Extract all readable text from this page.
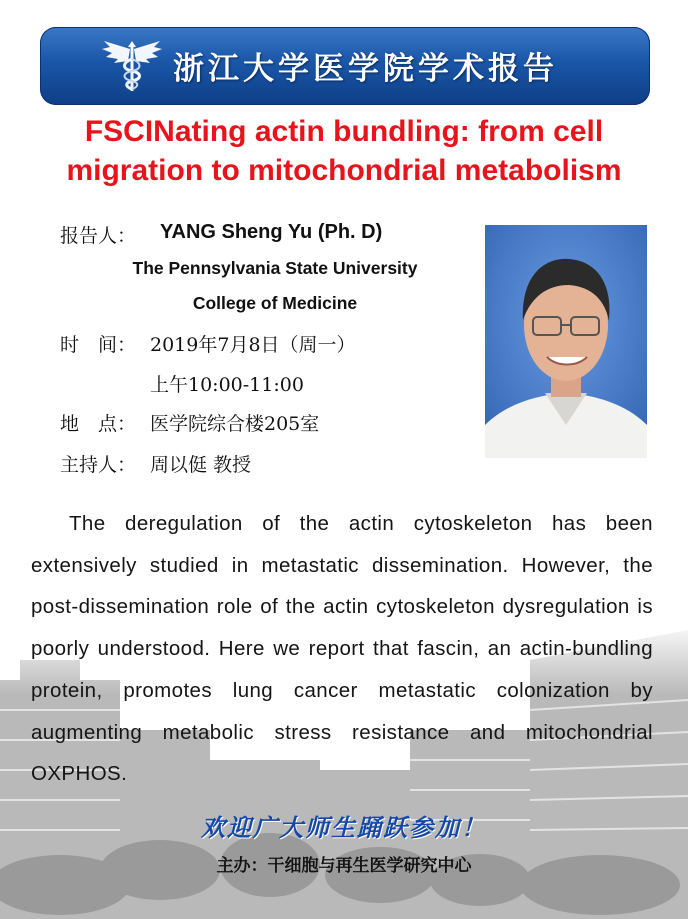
浙江大学医学院学术报告
FSCINating actin bundling: from cell
migration to mitochondrial metabolism
报告人： YANG Sheng Yu (Ph. D)
The Pennsylvania State University
College of Medicine
时　间： 2019年7月8日（周一）
上午10:00-11:00
地　点： 医学院综合楼205室
主持人： 周以侹 教授
The deregulation of the actin cytoskeleton has been extensively studied in metastatic dissemination. However, the post-dissemination role of the actin cytoskeleton dysregulation is poorly understood. Here we report that fascin, an actin-bundling protein, promotes lung cancer metastatic colonization by augmenting metabolic stress resistance and mitochondrial OXPHOS.
欢迎广大师生踊跃参加！
主办：干细胞与再生医学研究中心
